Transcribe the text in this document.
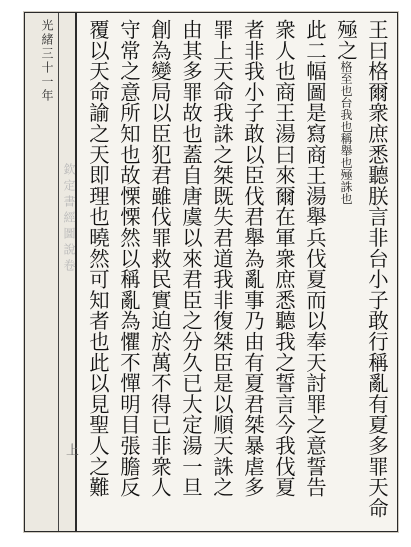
光緒三十一年
欽定書經圖說卷
上	王曰格爾衆庶悉聽朕言非台小子敢行稱亂有夏多罪天命
殛之格至也台我也稱舉也殛誅也
此二幅圖是寫商王湯舉兵伐夏而以奉天討罪之意誓告
衆人也商王湯曰來爾在軍衆庶悉聽我之誓言今我伐夏
者非我小子敢以臣伐君舉為亂事乃由有夏君桀暴虐多
罪上天命我誅之桀既失君道我非復桀臣是以順天誅之
由其多罪故也蓋自唐虞以來君臣之分久已大定湯一旦
創為變局以臣犯君雖伐罪救民實迫於萬不得已非衆人
守常之意所知也故慄慄然以稱亂為懼不憚明目張膽反
覆以天命諭之天即理也曉然可知者也此以見聖人之難
